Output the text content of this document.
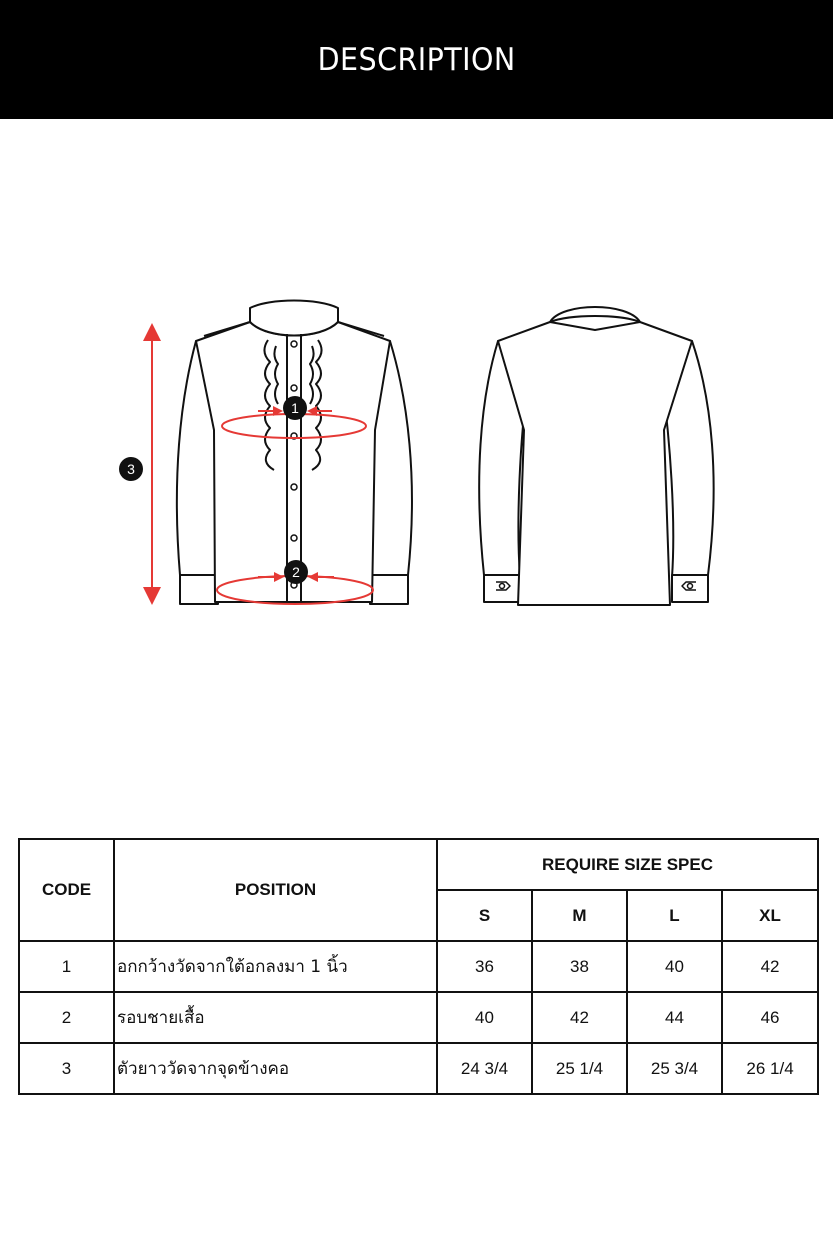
DESCRIPTION
1
2
3
CODE	POSITION	REQUIRE SIZE SPEC			
		S	M	L	XL
1	อกกว้างวัดจากใต้อกลงมา 1 นิ้ว	36	38	40	42
2	รอบชายเสื้อ	40	42	44	46
3	ตัวยาววัดจากจุดข้างคอ	24 3/4	25 1/4	25 3/4	26 1/4
